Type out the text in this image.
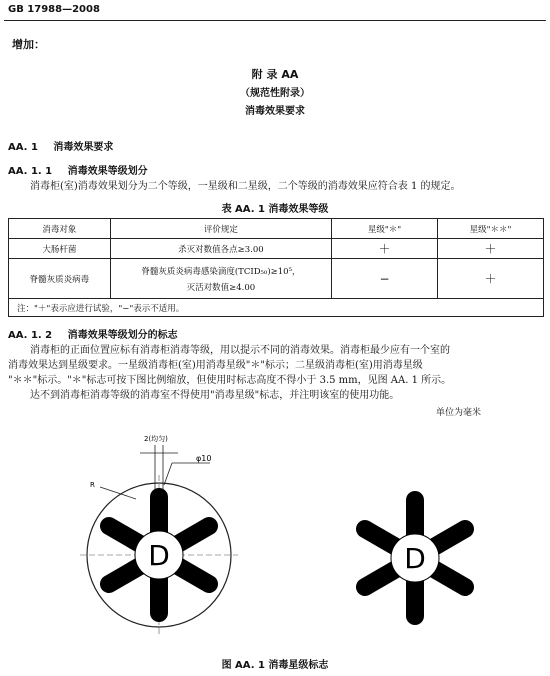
GB 17988—2008
增加：
附 录 AA
（规范性附录）
消毒效果要求
AA. 1 消毒效果要求
AA. 1. 1 消毒效果等级划分
消毒柜(室)消毒效果划分为二个等级，一星级和二星级，二个等级的消毒效果应符合表 1 的规定。
表 AA. 1 消毒效果等级
消毒对象	评价规定	星级"＊"	星级"＊＊"
大肠杆菌	杀灭对数值各点≥3.00	＋	＋
脊髓灰质炎病毒	脊髓灰质炎病毒感染滴度(TCID₅₀)≥10⁵，
灭活对数值≥4.00	−	＋
注："＋"表示应进行试验，"−"表示不适用。			
AA. 1. 2 消毒效果等级划分的标志
消毒柜的正面位置应标有消毒柜消毒等级，用以提示不同的消毒效果。消毒柜最少应有一个室的
消毒效果达到星级要求。一星级消毒柜(室)用消毒星级"＊"标示；二星级消毒柜(室)用消毒星级
"＊＊"标示。"＊"标志可按下图比例缩放，但使用时标志高度不得小于 3.5 mm，见图 AA. 1 所示。
达不到消毒柜消毒等级的消毒室不得使用"消毒星级"标志，并注明该室的使用功能。
单位为毫米
2(均匀)
φ10
R
D	D
图 AA. 1 消毒星级标志
